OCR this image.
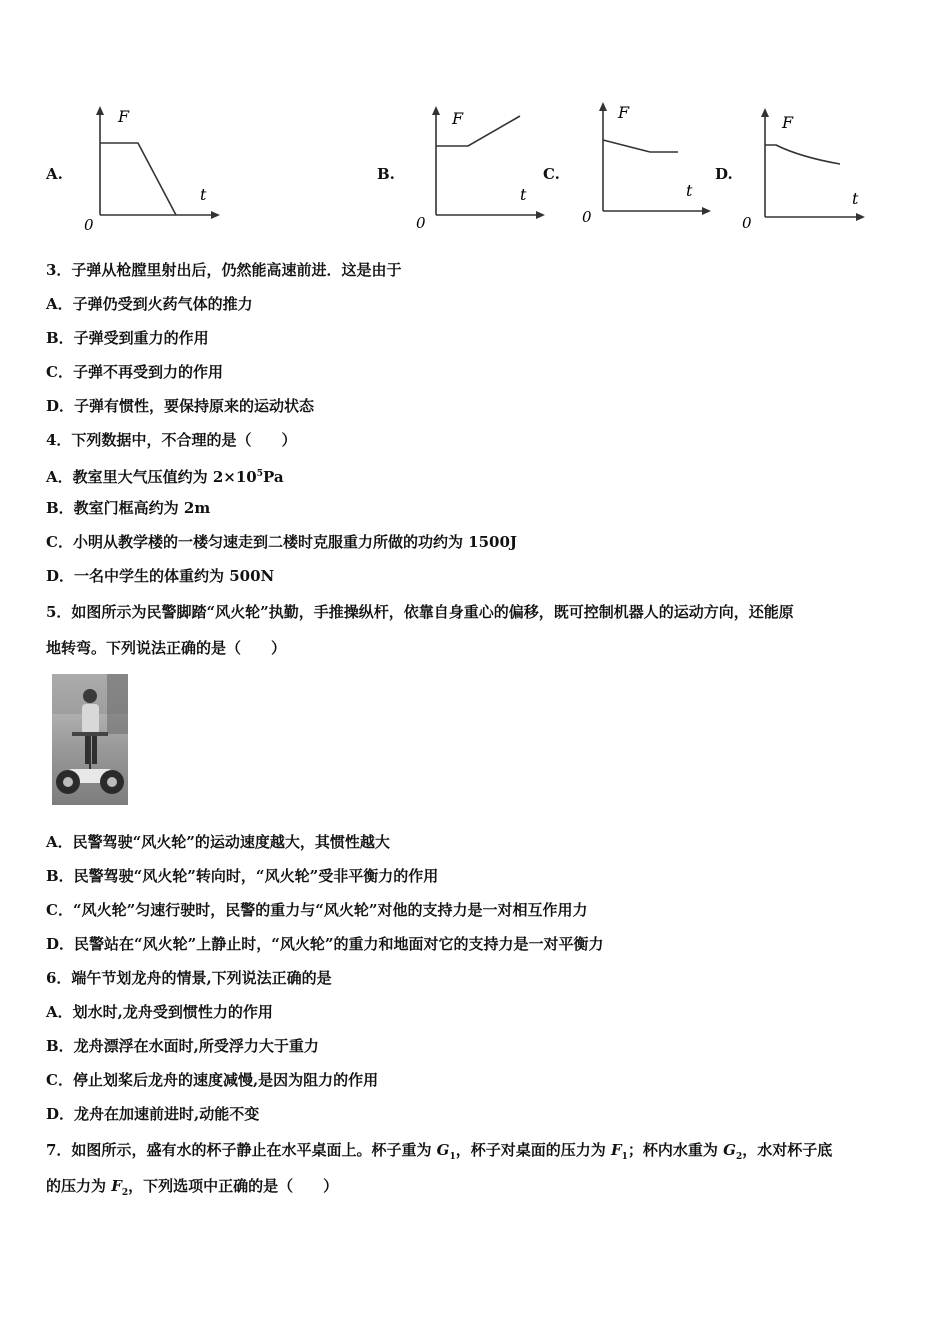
A.	B.	C.	D.
F
t
0
F
t
0
F
t
0
F
t
0
3．子弹从枪膛里射出后，仍然能高速前进．这是由于
A．子弹仍受到火药气体的推力
B．子弹受到重力的作用
C．子弹不再受到力的作用
D．子弹有惯性，要保持原来的运动状态
4．下列数据中，不合理的是（　　）
A．教室里大气压值约为 $2\times 10^5Pa$
B．教室门框高约为 2m
C．小明从教学楼的一楼匀速走到二楼时克服重力所做的功约为 1500J
D．一名中学生的体重约为 500N
5．如图所示为民警脚踏“风火轮”执勤，手推操纵杆，依靠自身重心的偏移，既可控制机器人的运动方向，还能原
地转弯。下列说法正确的是（　　）
A．民警驾驶“风火轮”的运动速度越大，其惯性越大
B．民警驾驶“风火轮”转向时，“风火轮”受非平衡力的作用
C．“风火轮”匀速行驶时，民警的重力与“风火轮”对他的支持力是一对相互作用力
D．民警站在“风火轮”上静止时，“风火轮”的重力和地面对它的支持力是一对平衡力
6．端午节划龙舟的情景,下列说法正确的是
A．划水时,龙舟受到惯性力的作用
B．龙舟漂浮在水面时,所受浮力大于重力
C．停止划桨后龙舟的速度减慢,是因为阻力的作用
D．龙舟在加速前进时,动能不变
7．如图所示，盛有水的杯子静止在水平桌面上。杯子重为 $G_1$，杯子对桌面的压力为 $F_1$；杯内水重为 $G_2$，水对杯子底
的压力为 $F_2$，下列选项中正确的是（　　）
